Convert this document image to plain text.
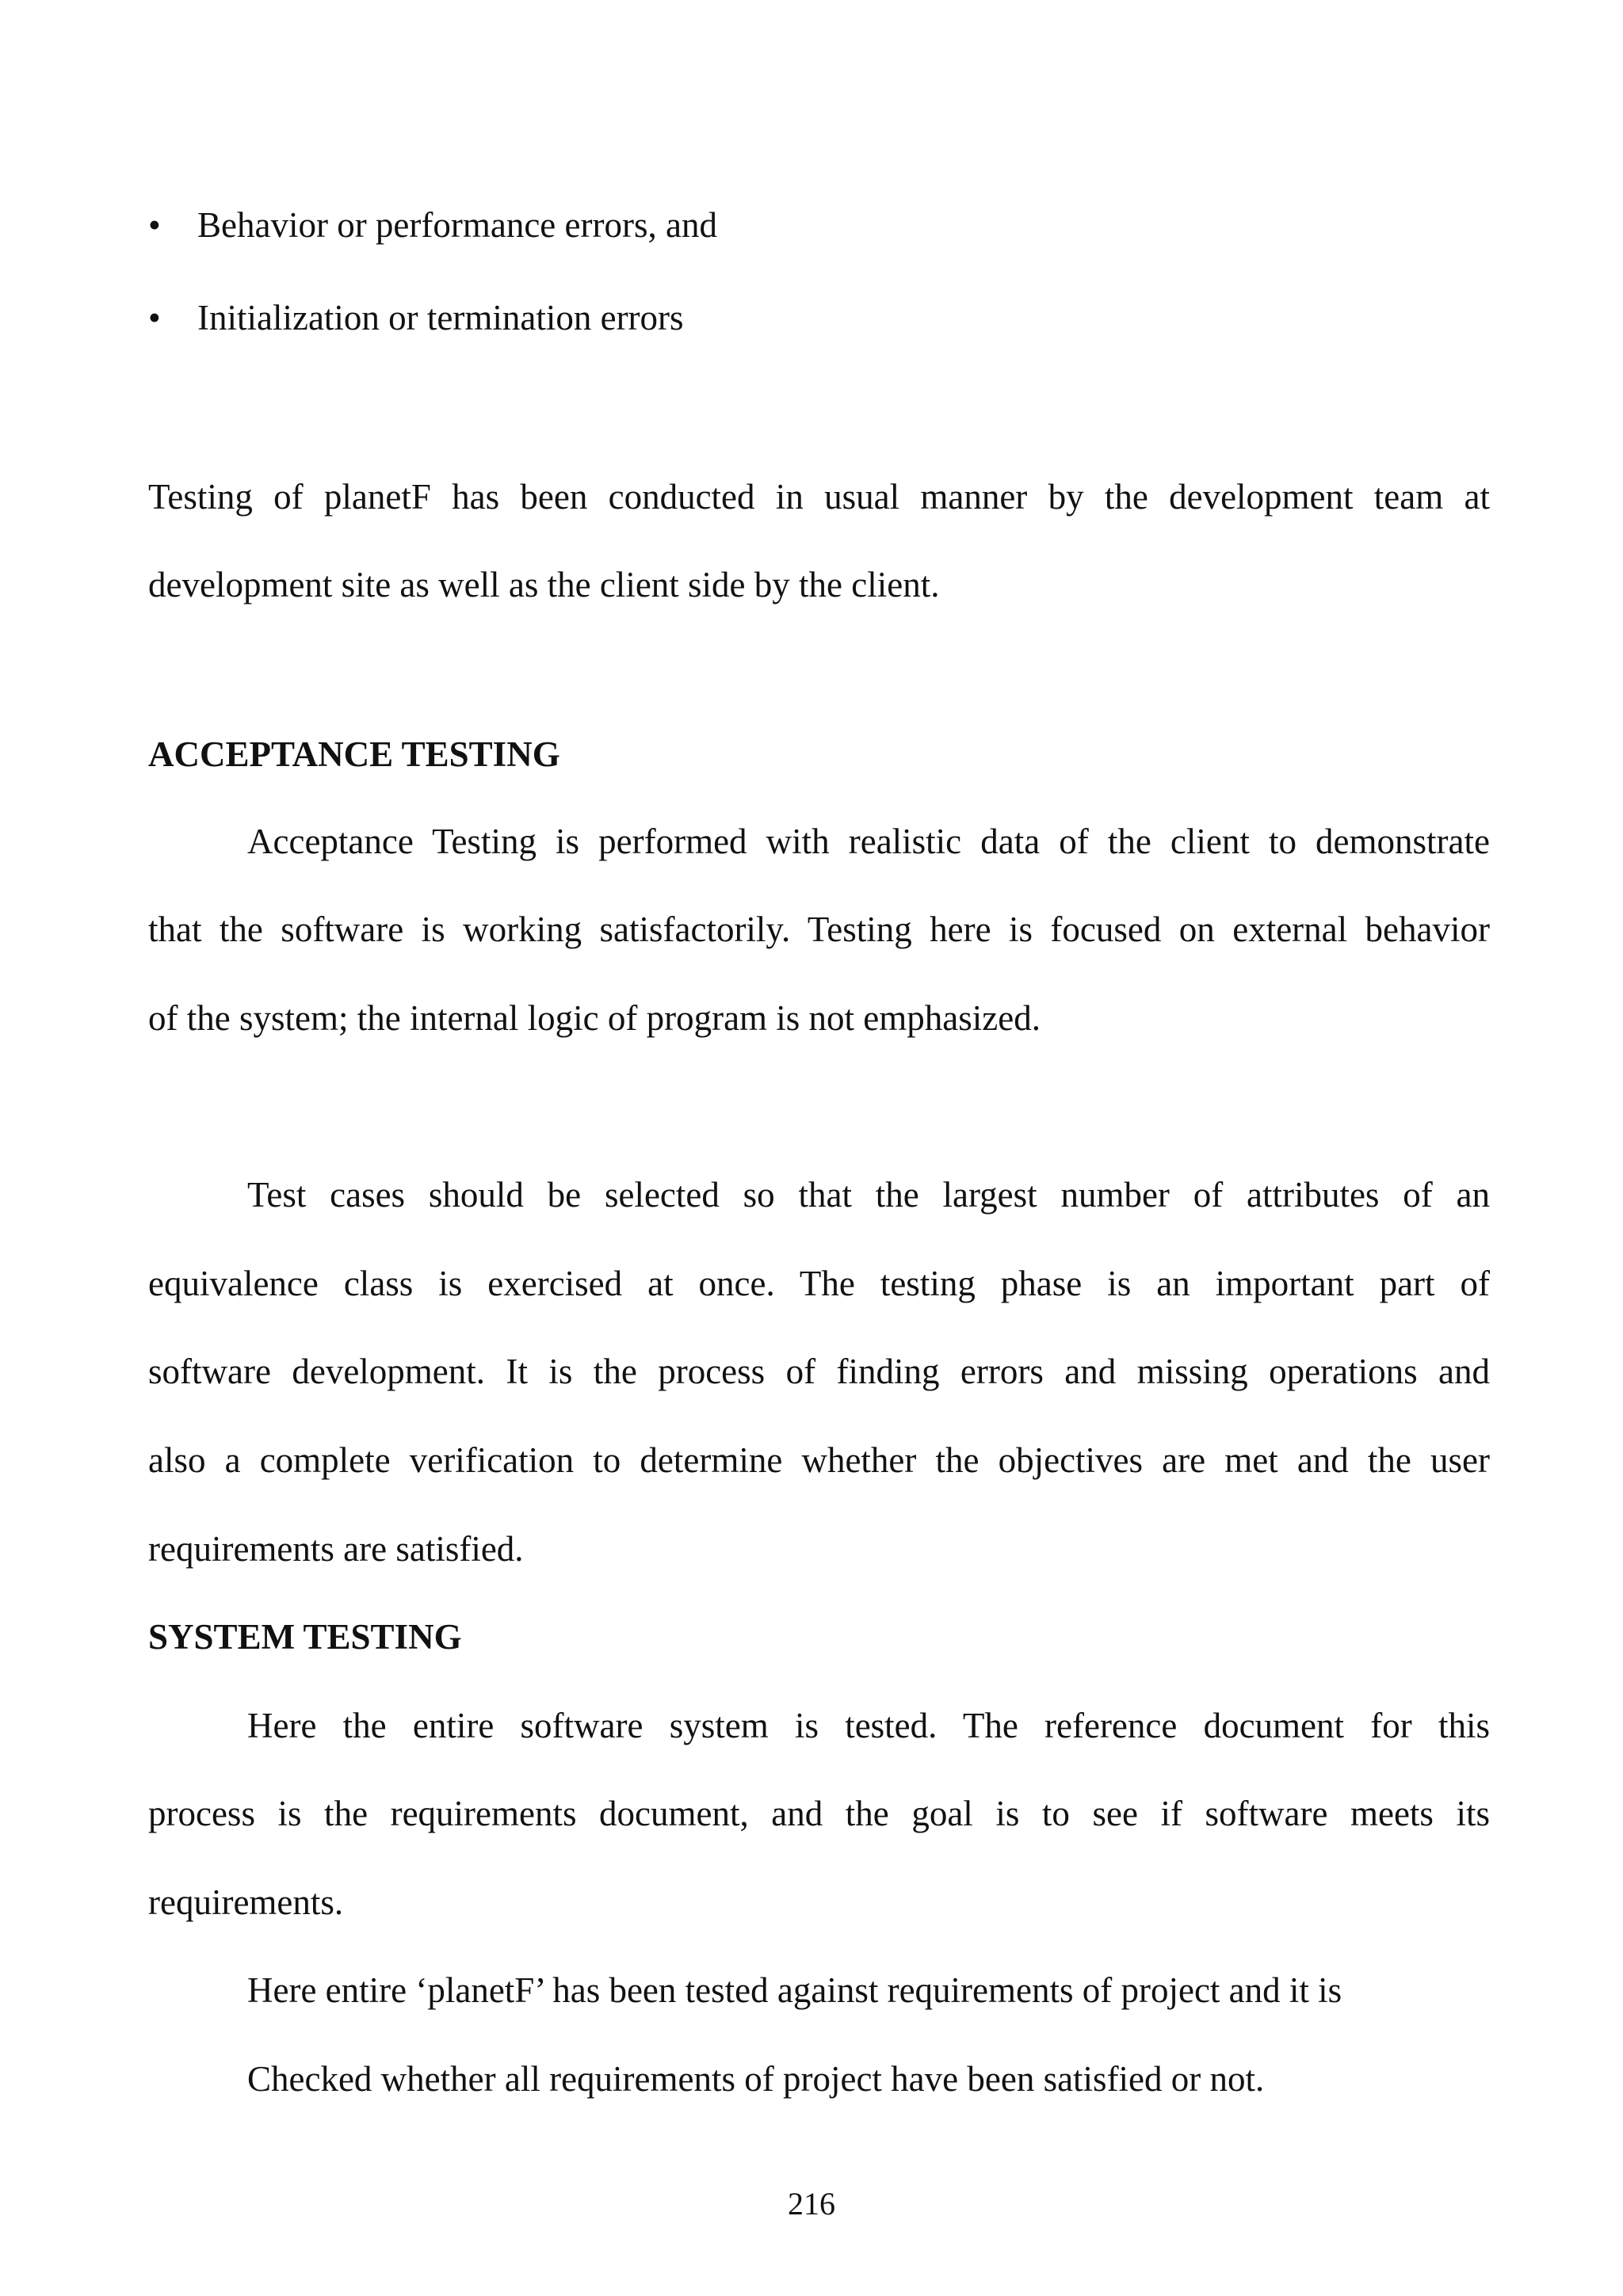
• Behavior or performance errors, and
• Initialization or termination errors
Testing of planetF has been conducted in usual manner by the development team at
development site as well as the client side by the client.
ACCEPTANCE TESTING
Acceptance Testing is performed with realistic data of the client to demonstrate
that the software is working satisfactorily. Testing here is focused on external behavior
of the system; the internal logic of program is not emphasized.
Test cases should be selected so that the largest number of attributes of an
equivalence class is exercised at once. The testing phase is an important part of
software development. It is the process of finding errors and missing operations and
also a complete verification to determine whether the objectives are met and the user
requirements are satisfied.
SYSTEM TESTING
Here the entire software system is tested. The reference document for this
process is the requirements document, and the goal is to see if software meets its
requirements.
Here entire ‘planetF’ has been tested against requirements of project and it is
Checked whether all requirements of project have been satisfied or not.
216
